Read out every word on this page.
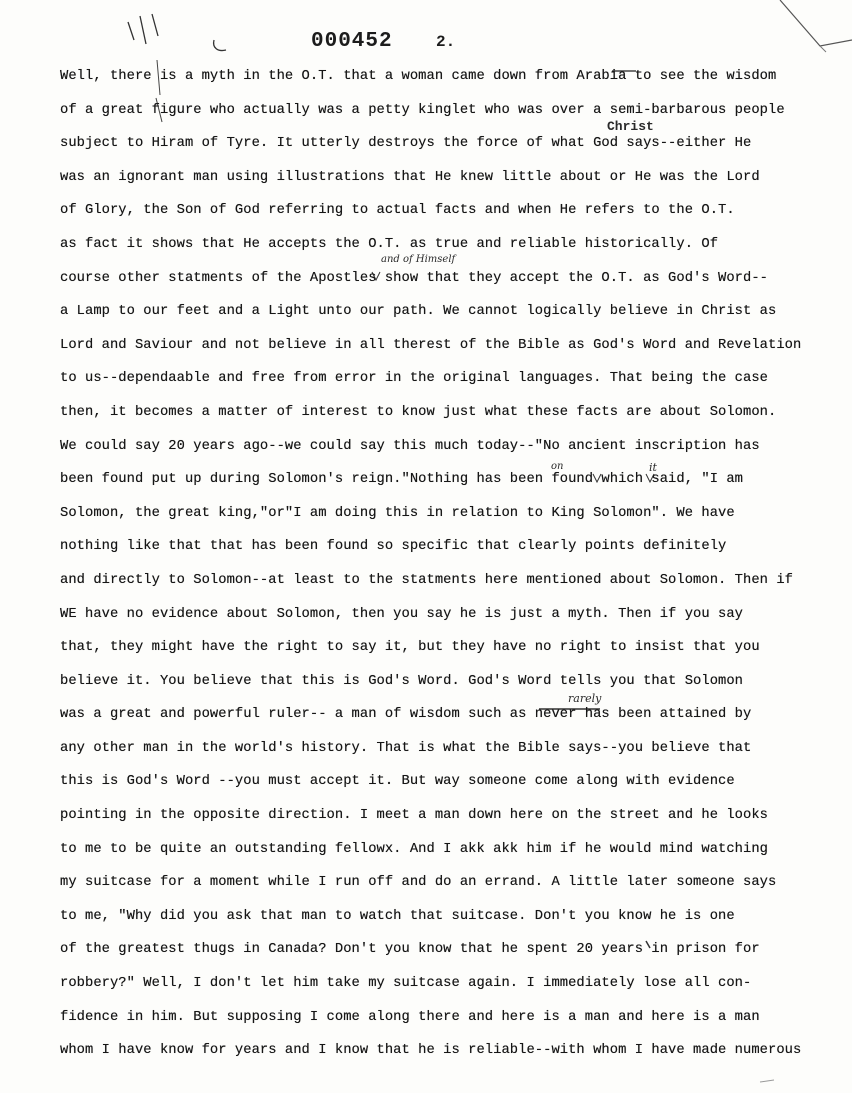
000452	2.
Christ
and of Himself
on	it
rarely
Well, there is a myth in the O.T. that a woman came down from Arabia to see the wisdom
of a great figure who actually was a petty kinglet who was over a semi-barbarous people
subject to Hiram of Tyre. It utterly destroys the force of what God says--either He
was an ignorant man using illustrations that He knew little about or He was the Lord
of Glory, the Son of God referring to actual facts and when He refers to the O.T.
as fact it shows that He accepts the O.T. as true and reliable historically. Of
course other statments of the Apostles show that they accept the O.T. as God's Word--
a Lamp to our feet and a Light unto our path. We cannot logically believe in Christ as
Lord and Saviour and not believe in all therest of the Bible as God's Word and Revelation
to us--dependaable and free from error in the original languages. That being the case
then, it becomes a matter of interest to know just what these facts are about Solomon.
We could say 20 years ago--we could say this much today--"No ancient inscription has
been found put up during Solomon's reign."Nothing has been found which said, "I am
Solomon, the great king,"or"I am doing this in relation to King Solomon". We have
nothing like that that has been found so specific that clearly points definitely
and directly to Solomon--at least to the statments here mentioned about Solomon. Then if
WE have no evidence about Solomon, then you say he is just a myth. Then if you say
that, they might have the right to say it, but they have no right to insist that you
believe it. You believe that this is God's Word. God's Word tells you that Solomon
was a great and powerful ruler-- a man of wisdom such as never has been attained by
any other man in the world's history. That is what the Bible says--you believe that
this is God's Word --you must accept it. But way someone come along with evidence
pointing in the opposite direction. I meet a man down here on the street and he looks
to me to be quite an outstanding fellowx. And I akk akk him if he would mind watching
my suitcase for a moment while I run off and do an errand. A little later someone says
to me, "Why did you ask that man to watch that suitcase. Don't you know he is one
of the greatest thugs in Canada? Don't you know that he spent 20 years in prison for
robbery?" Well, I don't let him take my suitcase again. I immediately lose all con-
fidence in him. But supposing I come along there and here is a man and here is a man
whom I have know for years and I know that he is reliable--with whom I have made numerous
